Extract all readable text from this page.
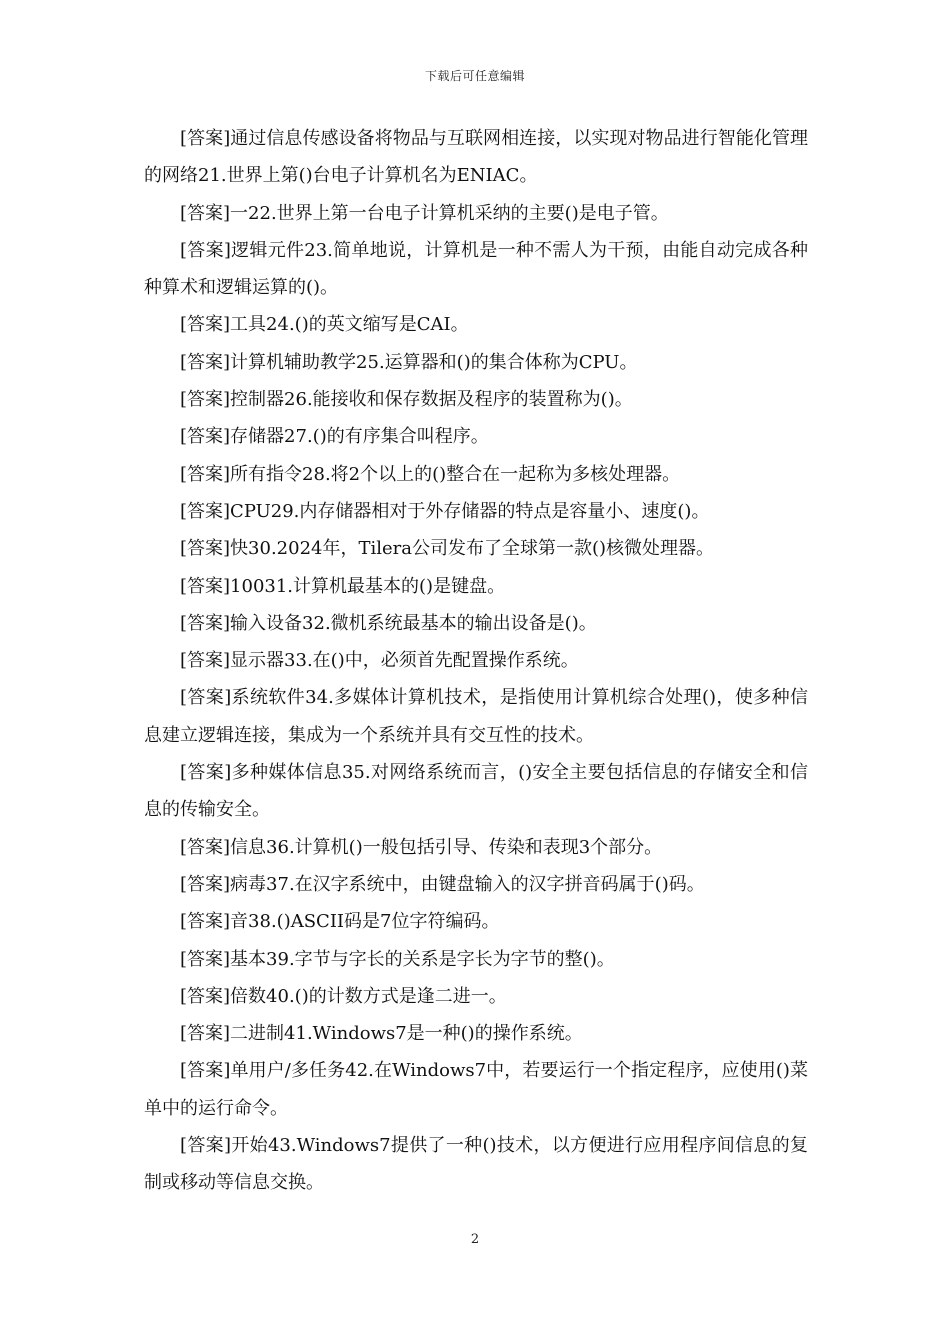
下载后可任意编辑

[答案]通过信息传感设备将物品与互联网相连接，以实现对物品进行智能化管理的网络21.世界上第()台电子计算机名为ENIAC。

[答案]一22.世界上第一台电子计算机采纳的主要()是电子管。

[答案]逻辑元件23.简单地说，计算机是一种不需人为干预，由能自动完成各种种算术和逻辑运算的()。

[答案]工具24.()的英文缩写是CAI。

[答案]计算机辅助教学25.运算器和()的集合体称为CPU。

[答案]控制器26.能接收和保存数据及程序的装置称为()。

[答案]存储器27.()的有序集合叫程序。

[答案]所有指令28.将2个以上的()整合在一起称为多核处理器。

[答案]CPU29.内存储器相对于外存储器的特点是容量小、速度()。

[答案]快30.2024年，Tilera公司发布了全球第一款()核微处理器。

[答案]10031.计算机最基本的()是键盘。

[答案]输入设备32.微机系统最基本的输出设备是()。

[答案]显示器33.在()中，必须首先配置操作系统。

[答案]系统软件34.多媒体计算机技术，是指使用计算机综合处理()，使多种信息建立逻辑连接，集成为一个系统并具有交互性的技术。

[答案]多种媒体信息35.对网络系统而言，()安全主要包括信息的存储安全和信息的传输安全。

[答案]信息36.计算机()一般包括引导、传染和表现3个部分。

[答案]病毒37.在汉字系统中，由键盘输入的汉字拼音码属于()码。

[答案]音38.()ASCII码是7位字符编码。

[答案]基本39.字节与字长的关系是字长为字节的整()。

[答案]倍数40.()的计数方式是逢二进一。

[答案]二进制41.Windows7是一种()的操作系统。

[答案]单用户/多任务42.在Windows7中，若要运行一个指定程序，应使用()菜单中的运行命令。

[答案]开始43.Windows7提供了一种()技术，以方便进行应用程序间信息的复制或移动等信息交换。

2
